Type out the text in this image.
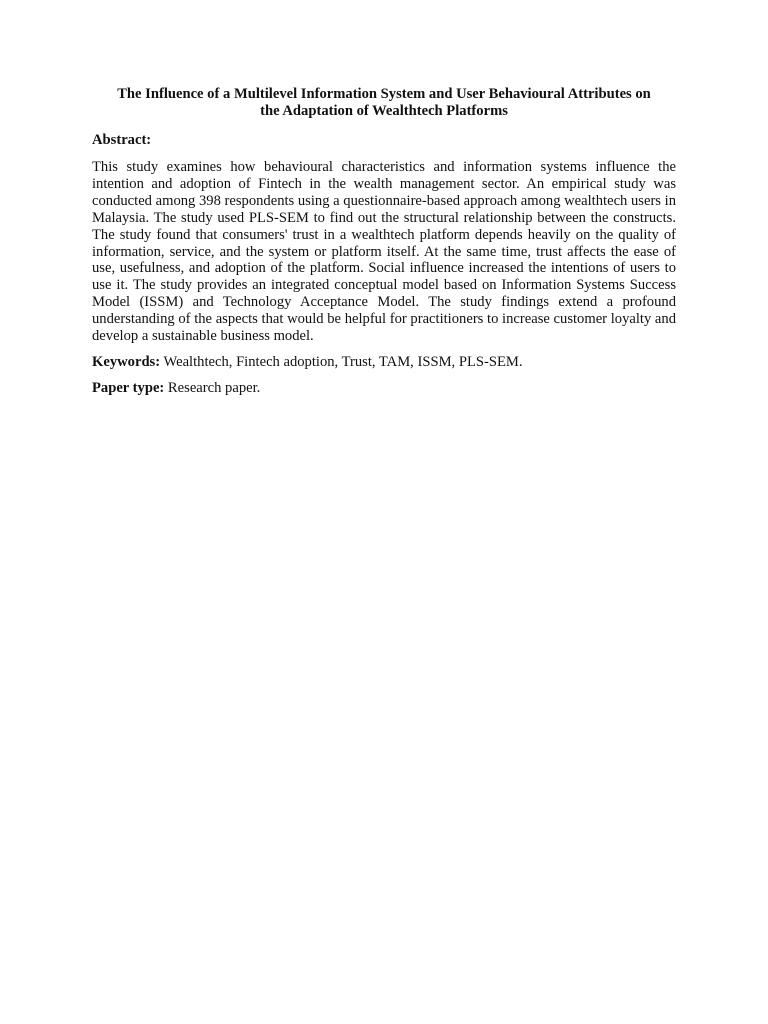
The Influence of a Multilevel Information System and User Behavioural Attributes on
the Adaptation of Wealthtech Platforms

Abstract:

This study examines how behavioural characteristics and information systems influence the intention and adoption of Fintech in the wealth management sector. An empirical study was conducted among 398 respondents using a questionnaire-based approach among wealthtech users in Malaysia. The study used PLS-SEM to find out the structural relationship between the constructs. The study found that consumers' trust in a wealthtech platform depends heavily on the quality of information, service, and the system or platform itself. At the same time, trust affects the ease of use, usefulness, and adoption of the platform. Social influence increased the intentions of users to use it. The study provides an integrated conceptual model based on Information Systems Success Model (ISSM) and Technology Acceptance Model. The study findings extend a profound understanding of the aspects that would be helpful for practitioners to increase customer loyalty and develop a sustainable business model.

Keywords: Wealthtech, Fintech adoption, Trust, TAM, ISSM, PLS-SEM.

Paper type: Research paper.
